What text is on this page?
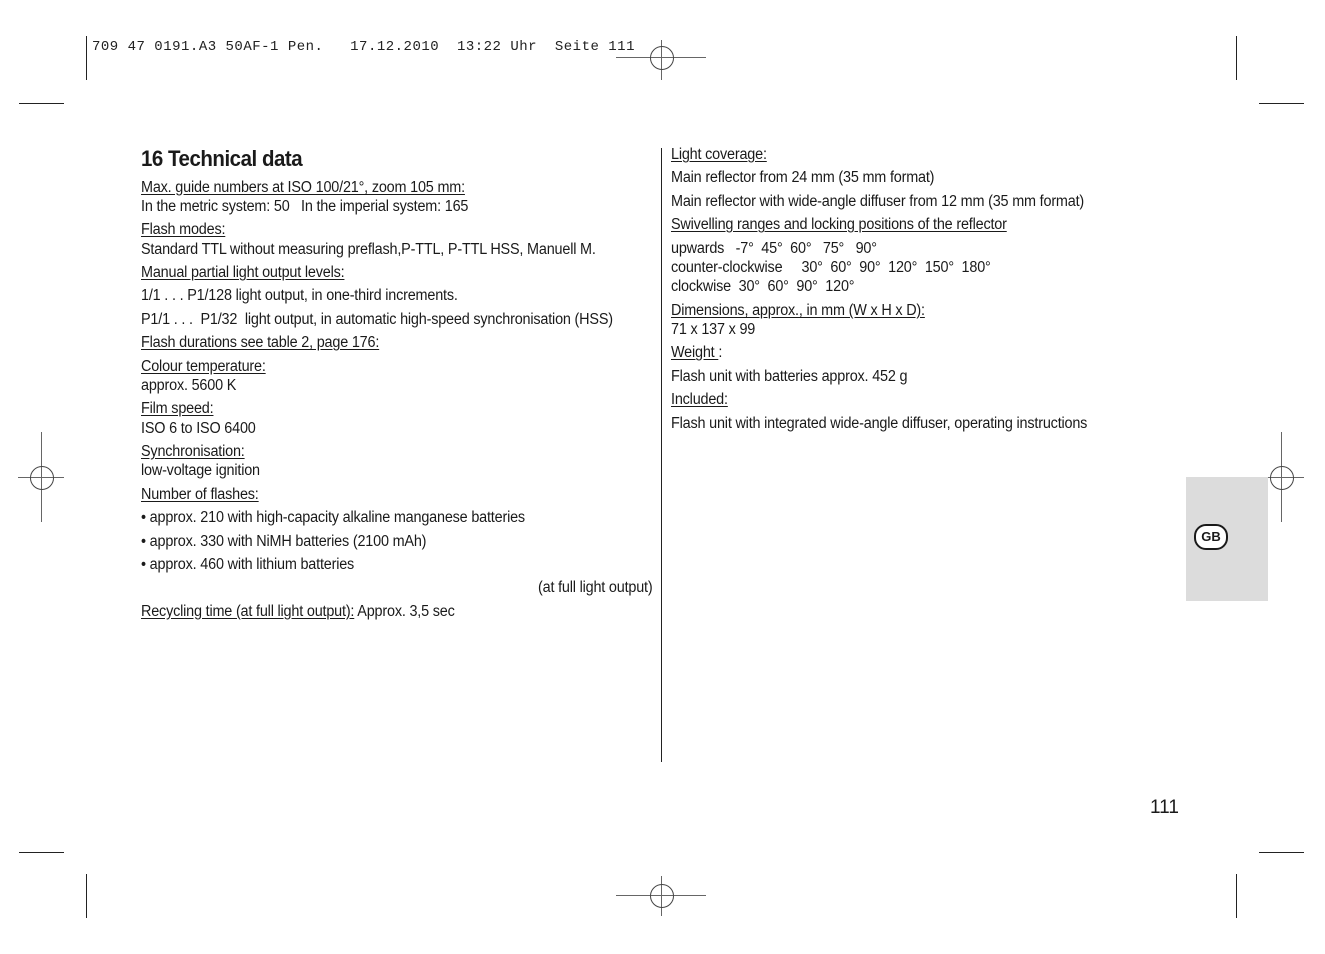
709 47 0191.A3 50AF-1 Pen.   17.12.2010  13:22 Uhr  Seite 111
16 Technical data
Max. guide numbers at ISO 100/21°, zoom 105 mm:
In the metric system: 50   In the imperial system: 165
Flash modes:
Standard TTL without measuring preflash,P-TTL, P-TTL HSS, Manuell M.
Manual partial light output levels:
1/1 . . . P1/128 light output, in one-third increments.
P1/1 . . .  P1/32  light output, in automatic high-speed synchronisation (HSS)
Flash durations see table 2, page 176:
Colour temperature:
approx. 5600 K
Film speed:
ISO 6 to ISO 6400
Synchronisation:
low-voltage ignition
Number of flashes:
• approx. 210 with high-capacity alkaline manganese batteries
• approx. 330 with NiMH batteries (2100 mAh)
• approx. 460 with lithium batteries
(at full light output)
Recycling time (at full light output): Approx. 3,5 sec
Light coverage:
Main reflector from 24 mm (35 mm format)
Main reflector with wide-angle diffuser from 12 mm (35 mm format)
Swivelling ranges and locking positions of the reflector
upwards   -7°  45°  60°   75°   90°
counter-clockwise     30°  60°  90°  120°  150°  180°
clockwise  30°  60°  90°  120°
Dimensions, approx., in mm (W x H x D):
71 x 137 x 99
Weight :
Flash unit with batteries approx. 452 g
Included:
Flash unit with integrated wide-angle diffuser, operating instructions
GB
111
